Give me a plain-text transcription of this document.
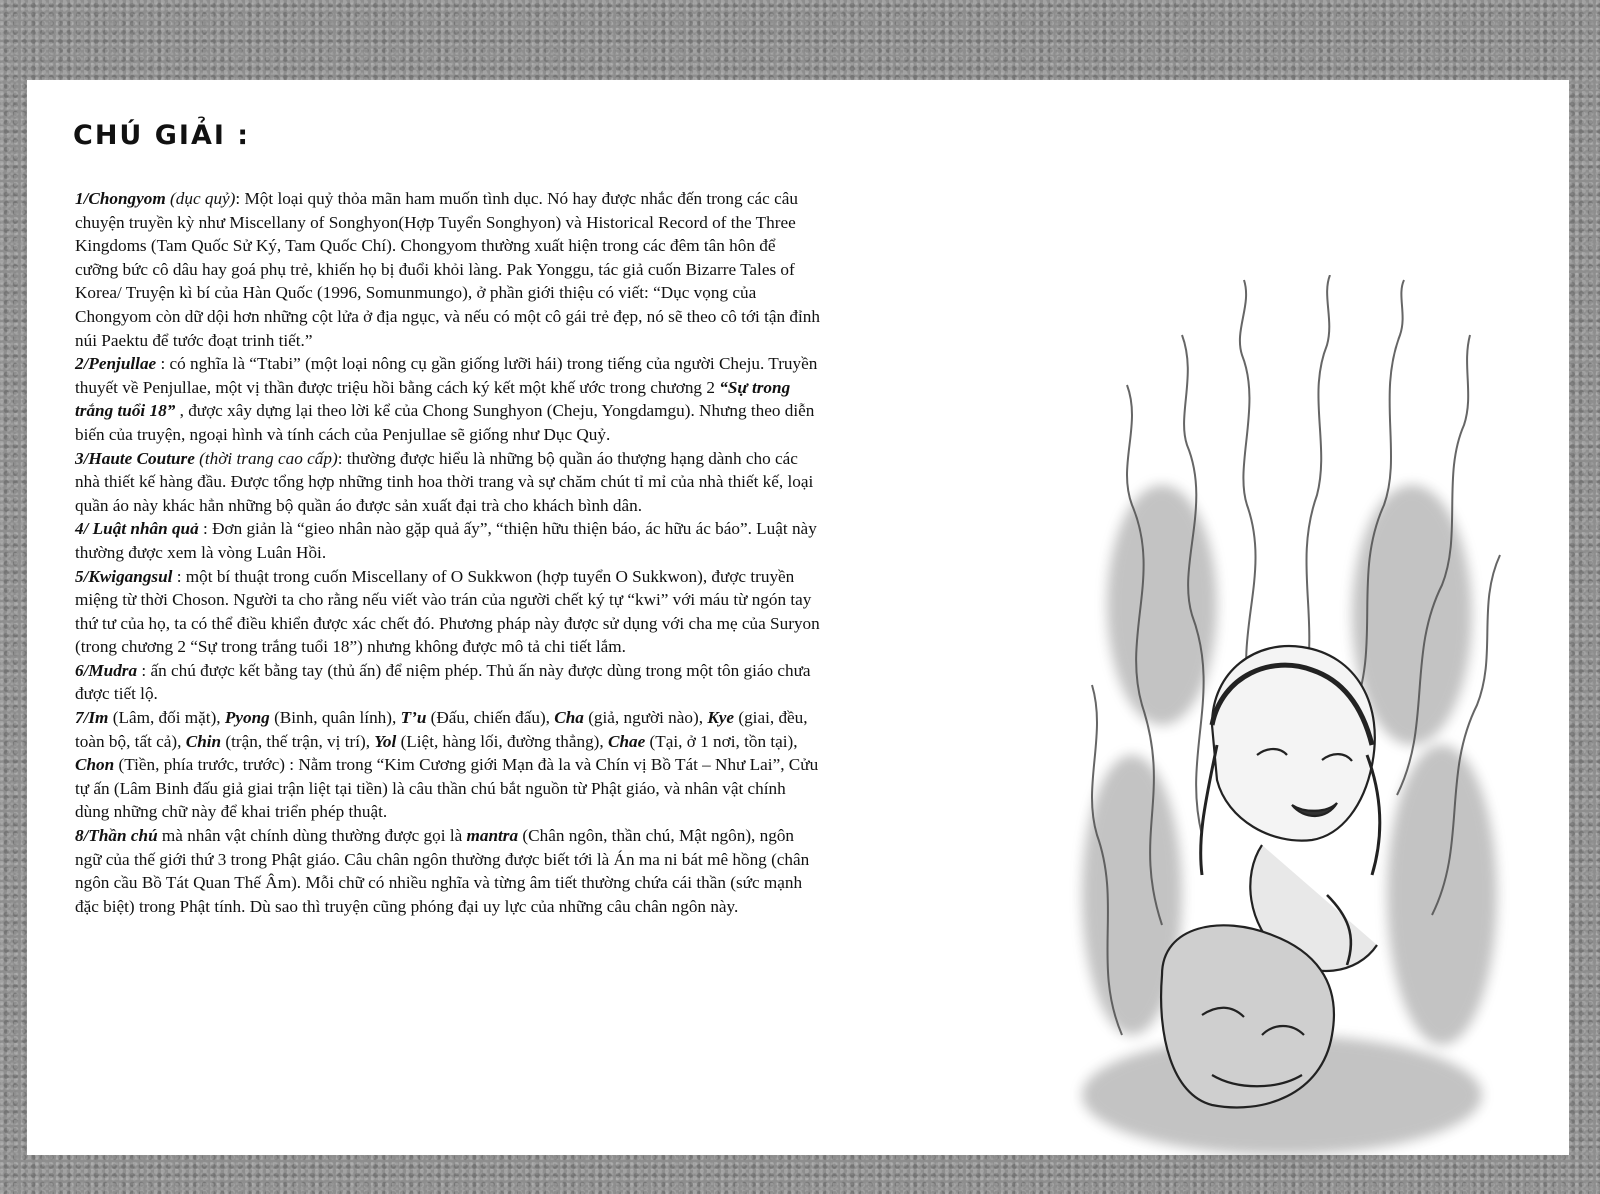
CHÚ GIẢI :

1/Chongyom (dục quỷ): Một loại quỷ thỏa mãn ham muốn tình dục. Nó hay được nhắc đến trong các câu chuyện truyền kỳ như Miscellany of Songhyon(Hợp Tuyển Songhyon) và Historical Record of the Three Kingdoms (Tam Quốc Sử Ký, Tam Quốc Chí). Chongyom thường xuất hiện trong các đêm tân hôn để cưỡng bức cô dâu hay goá phụ trẻ, khiến họ bị đuổi khỏi làng. Pak Yonggu, tác giả cuốn Bizarre Tales of Korea/ Truyện kì bí của Hàn Quốc (1996, Somunmungo), ở phần giới thiệu có viết: “Dục vọng của Chongyom còn dữ dội hơn những cột lửa ở địa ngục, và nếu có một cô gái trẻ đẹp, nó sẽ theo cô tới tận đỉnh núi Paektu để tước đoạt trinh tiết.”

2/Penjullae : có nghĩa là “Ttabi” (một loại nông cụ gần giống lưỡi hái) trong tiếng của người Cheju. Truyền thuyết về Penjullae, một vị thần được triệu hồi bằng cách ký kết một khế ước trong chương 2 “Sự trong trắng tuổi 18” , được xây dựng lại theo lời kể của Chong Sunghyon (Cheju, Yongdamgu). Nhưng theo diễn biến của truyện, ngoại hình và tính cách của Penjullae sẽ giống như Dục Quỷ.

3/Haute Couture (thời trang cao cấp): thường được hiểu là những bộ quần áo thượng hạng dành cho các nhà thiết kế hàng đầu. Được tổng hợp những tinh hoa thời trang và sự chăm chút tỉ mỉ của nhà thiết kế, loại quần áo này khác hẳn những bộ quần áo được sản xuất đại trà cho khách bình dân.

4/ Luật nhân quả : Đơn giản là “gieo nhân nào gặp quả ấy”, “thiện hữu thiện báo, ác hữu ác báo”. Luật này thường được xem là vòng Luân Hồi.

5/Kwigangsul : một bí thuật trong cuốn Miscellany of O Sukkwon (hợp tuyển O Sukkwon), được truyền miệng từ thời Choson. Người ta cho rằng nếu viết vào trán của người chết ký tự “kwi” với máu từ ngón tay thứ tư của họ, ta có thể điều khiển được xác chết đó. Phương pháp này được sử dụng với cha mẹ của Suryon (trong chương 2 “Sự trong trắng tuổi 18”) nhưng không được mô tả chi tiết lắm.

6/Mudra : ấn chú được kết bằng tay (thủ ấn) để niệm phép. Thủ ấn này được dùng trong một tôn giáo chưa được tiết lộ.

7/Im (Lâm, đối mặt), Pyong (Binh, quân lính), T’u (Đấu, chiến đấu), Cha (giả, người nào), Kye (giai, đều, toàn bộ, tất cả), Chin (trận, thế trận, vị trí), Yol (Liệt, hàng lối, đường thẳng), Chae (Tại, ở 1 nơi, tồn tại), Chon (Tiền, phía trước, trước) : Nằm trong “Kim Cương giới Mạn đà la và Chín vị Bồ Tát – Như Lai”, Cửu tự ấn (Lâm Binh đấu giả giai trận liệt tại tiền) là câu thần chú bắt nguồn từ Phật giáo, và nhân vật chính dùng những chữ này để khai triển phép thuật.

8/Thần chú mà nhân vật chính dùng thường được gọi là mantra (Chân ngôn, thần chú, Mật ngôn), ngôn ngữ của thế giới thứ 3 trong Phật giáo. Câu chân ngôn thường được biết tới là Án ma ni bát mê hồng (chân ngôn cầu Bồ Tát Quan Thế Âm). Mỗi chữ có nhiều nghĩa và từng âm tiết thường chứa cái thần (sức mạnh đặc biệt) trong Phật tính. Dù sao thì truyện cũng phóng đại uy lực của những câu chân ngôn này.
